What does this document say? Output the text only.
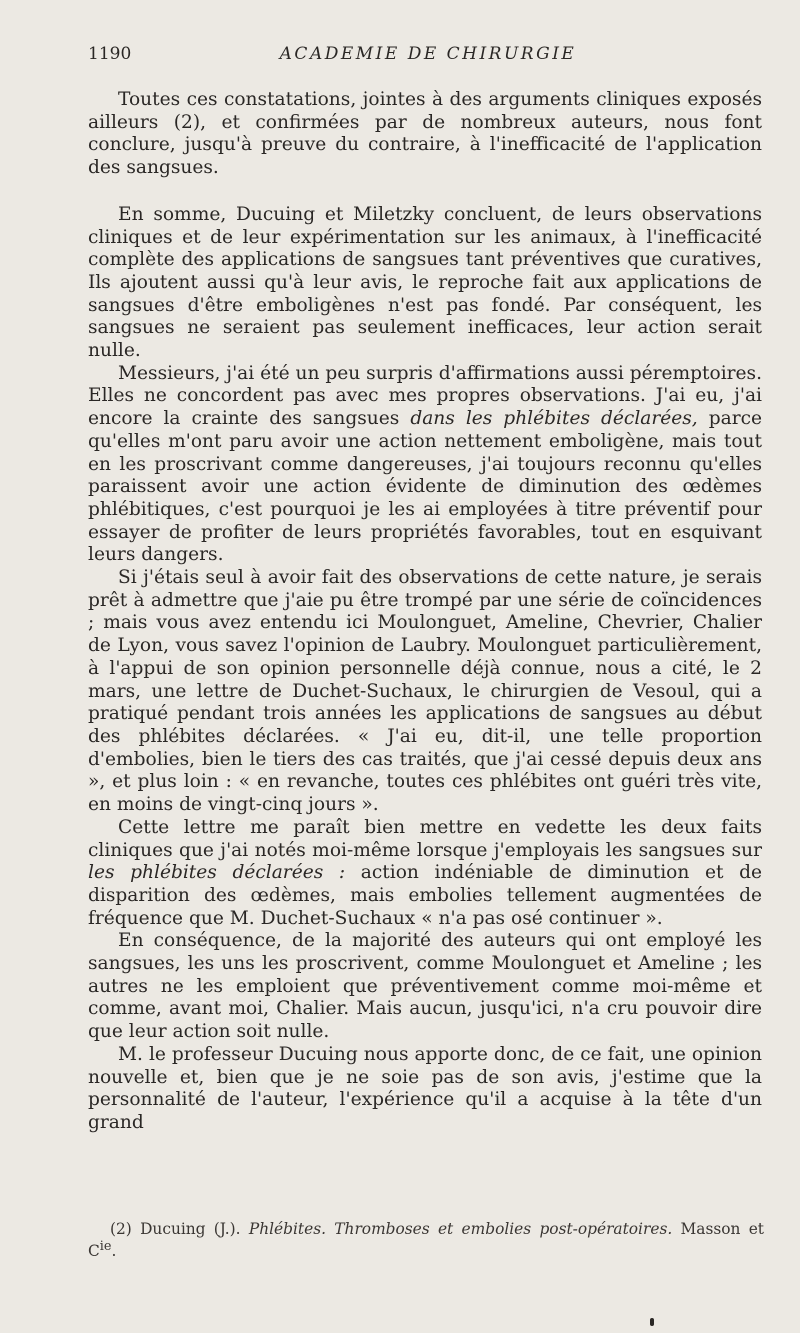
1190	ACADEMIE DE CHIRURGIE

Toutes ces constatations, jointes à des arguments cliniques exposés ailleurs (2), et confirmées par de nombreux auteurs, nous font conclure, jusqu'à preuve du contraire, à l'inefficacité de l'application des sangsues.

En somme, Ducuing et Miletzky concluent, de leurs observations cliniques et de leur expérimentation sur les animaux, à l'inefficacité complète des applications de sangsues tant préventives que curatives, Ils ajoutent aussi qu'à leur avis, le reproche fait aux applications de sangsues d'être emboligènes n'est pas fondé. Par conséquent, les sangsues ne seraient pas seulement inefficaces, leur action serait nulle.

Messieurs, j'ai été un peu surpris d'affirmations aussi péremptoires. Elles ne concordent pas avec mes propres observations. J'ai eu, j'ai encore la crainte des sangsues dans les phlébites déclarées, parce qu'elles m'ont paru avoir une action nettement emboligène, mais tout en les proscrivant comme dangereuses, j'ai toujours reconnu qu'elles paraissent avoir une action évidente de diminution des œdèmes phlébitiques, c'est pourquoi je les ai employées à titre préventif pour essayer de profiter de leurs propriétés favorables, tout en esquivant leurs dangers.

Si j'étais seul à avoir fait des observations de cette nature, je serais prêt à admettre que j'aie pu être trompé par une série de coïncidences ; mais vous avez entendu ici Moulonguet, Ameline, Chevrier, Chalier de Lyon, vous savez l'opinion de Laubry. Moulonguet particulièrement, à l'appui de son opinion personnelle déjà connue, nous a cité, le 2 mars, une lettre de Duchet-Suchaux, le chirurgien de Vesoul, qui a pratiqué pendant trois années les applications de sangsues au début des phlébites déclarées. « J'ai eu, dit-il, une telle proportion d'embolies, bien le tiers des cas traités, que j'ai cessé depuis deux ans », et plus loin : « en revanche, toutes ces phlébites ont guéri très vite, en moins de vingt-cinq jours ».

Cette lettre me paraît bien mettre en vedette les deux faits cliniques que j'ai notés moi-même lorsque j'employais les sangsues sur les phlébites déclarées : action indéniable de diminution et de disparition des œdèmes, mais embolies tellement augmentées de fréquence que M. Duchet-Suchaux « n'a pas osé continuer ».

En conséquence, de la majorité des auteurs qui ont employé les sangsues, les uns les proscrivent, comme Moulonguet et Ameline ; les autres ne les emploient que préventivement comme moi-même et comme, avant moi, Chalier. Mais aucun, jusqu'ici, n'a cru pouvoir dire que leur action soit nulle.

M. le professeur Ducuing nous apporte donc, de ce fait, une opinion nouvelle et, bien que je ne soie pas de son avis, j'estime que la personnalité de l'auteur, l'expérience qu'il a acquise à la tête d'un grand

(2) Ducuing (J.). Phlébites. Thromboses et embolies post-opératoires. Masson et $C^{ie}$.
